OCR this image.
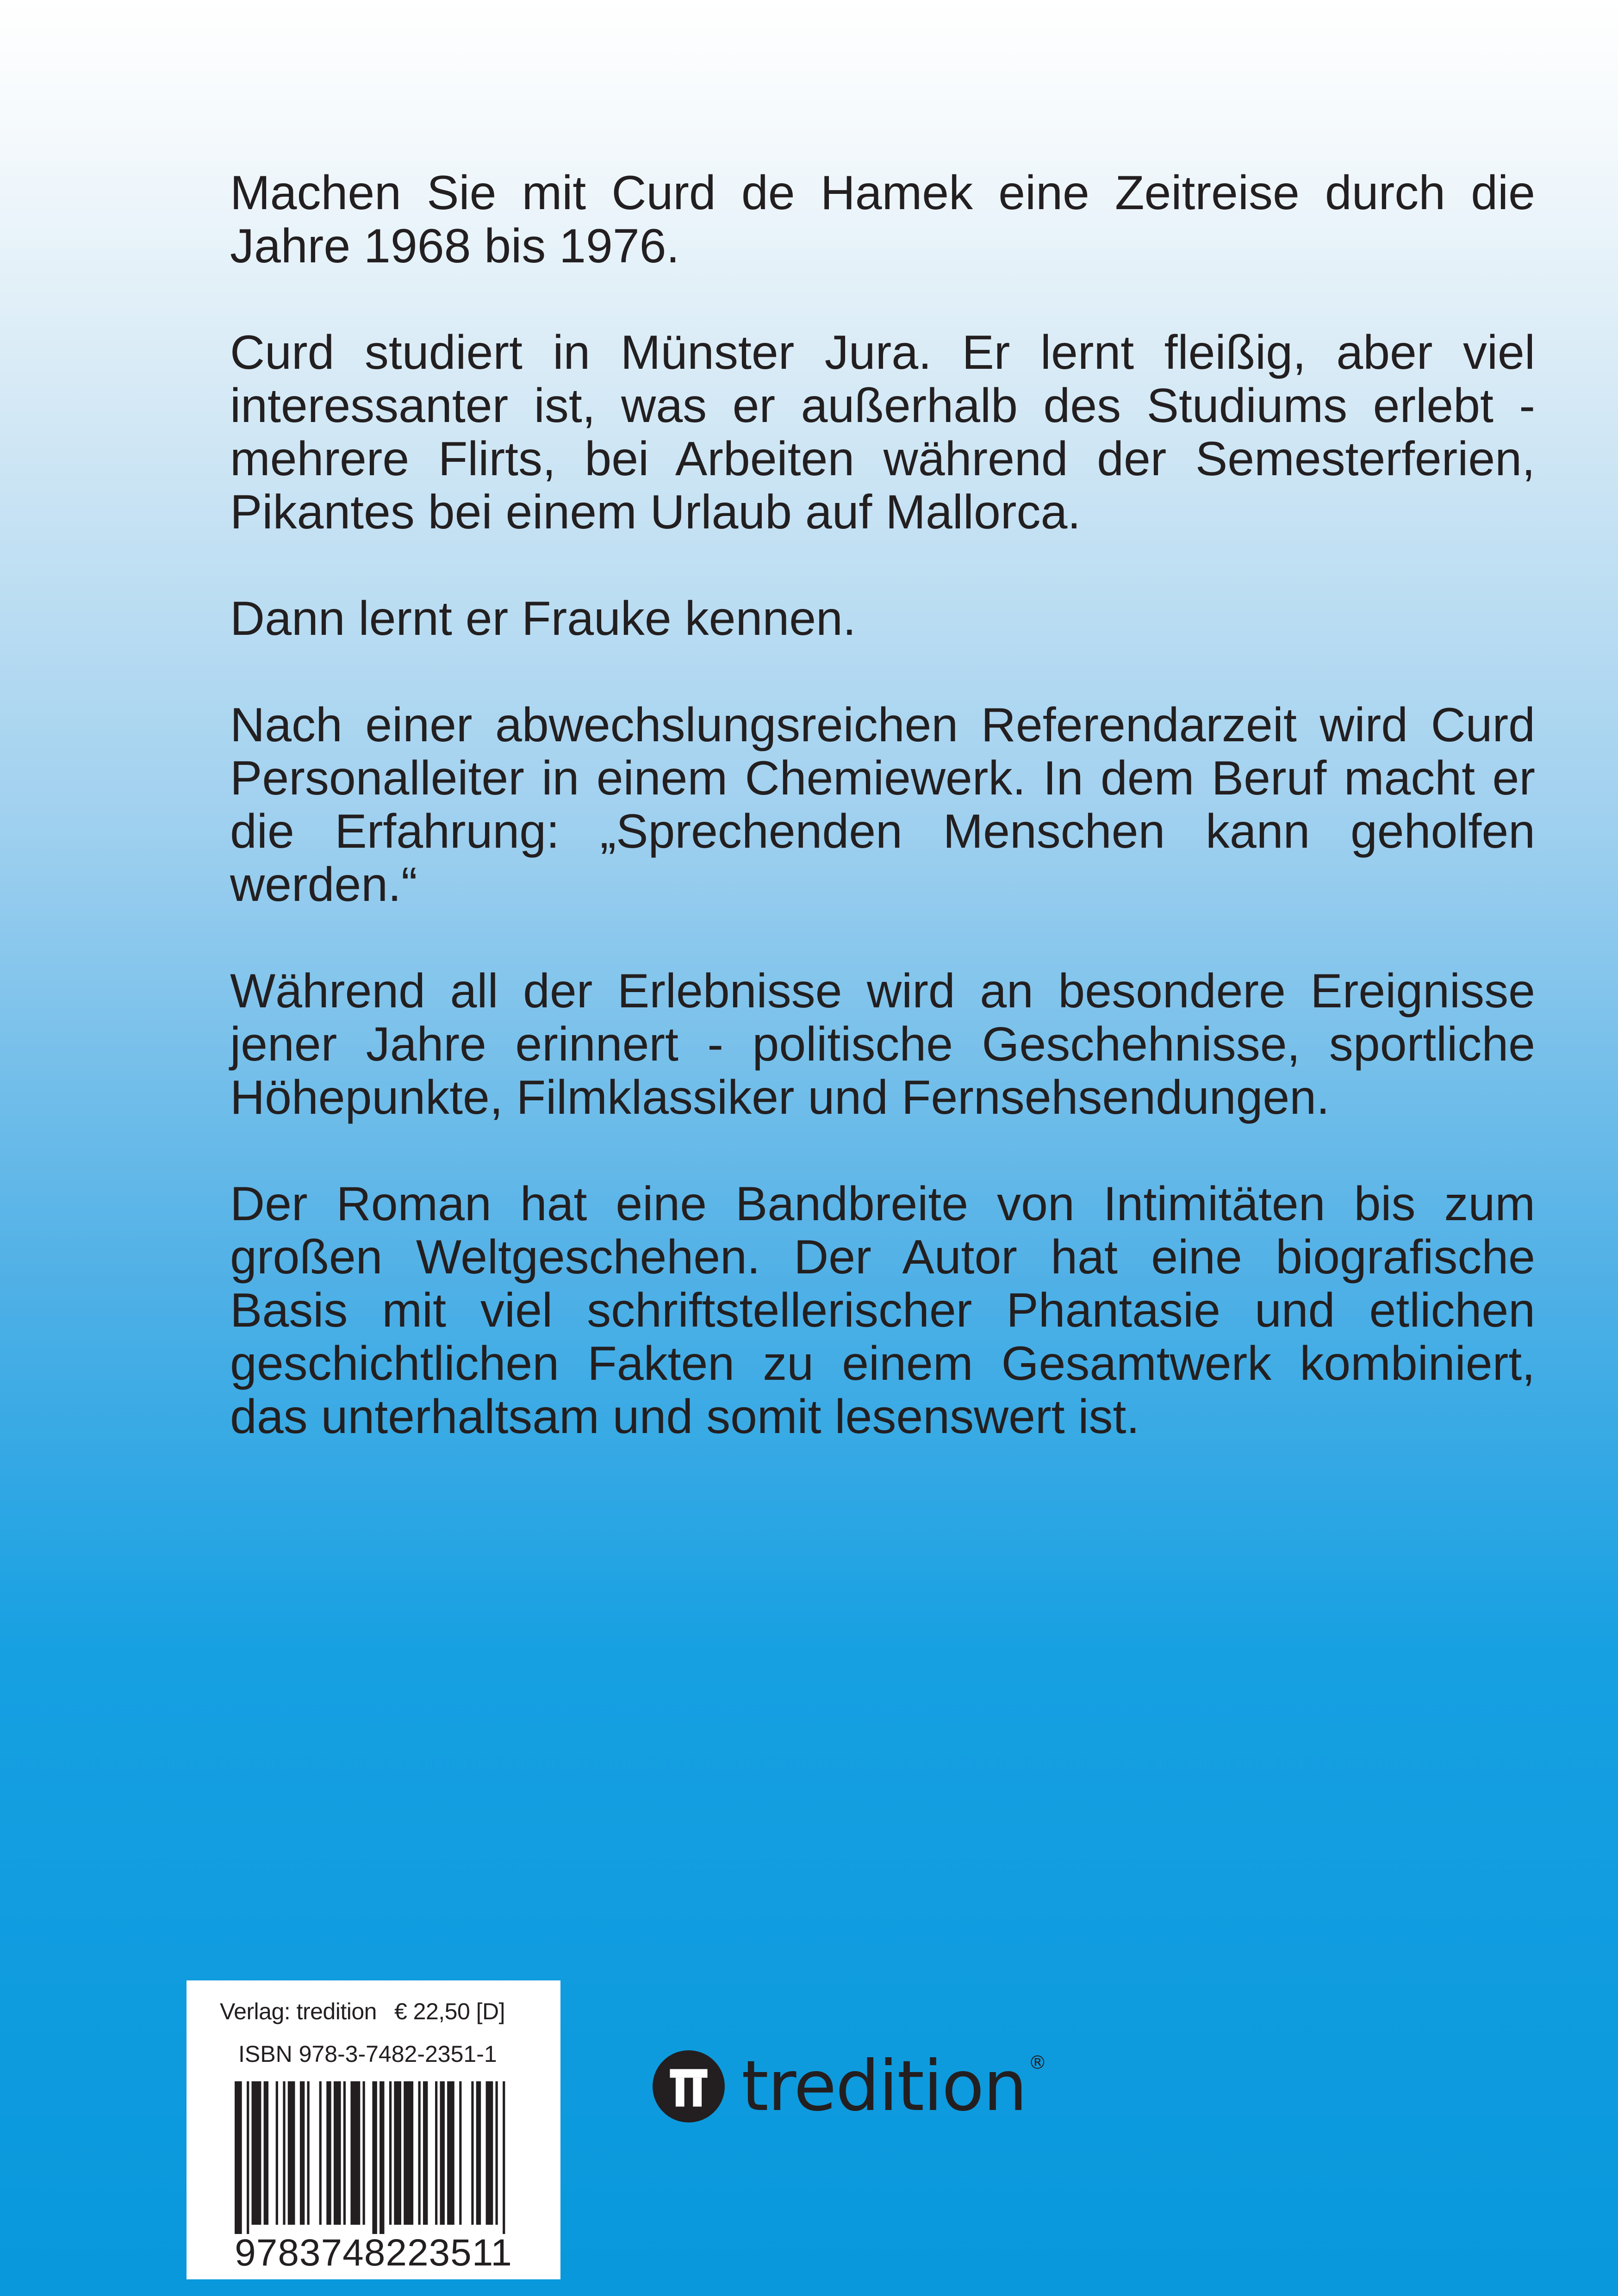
Machen Sie mit Curd de Hamek eine Zeitreise durch die Jahre 1968 bis 1976.

Curd studiert in Münster Jura. Er lernt fleißig, aber viel interessanter ist, was er außerhalb des Studiums erlebt - mehrere Flirts, bei Arbeiten während der Semesterferien, Pikantes bei einem Urlaub auf Mallorca.

Dann lernt er Frauke kennen.

Nach einer abwechslungsreichen Referendarzeit wird Curd Personalleiter in einem Chemiewerk. In dem Beruf macht er die Erfahrung: „Sprechenden Menschen kann geholfen werden.“

Während all der Erlebnisse wird an besondere Ereignisse jener Jahre erinnert - politische Geschehnisse, sportliche Höhepunkte, Filmklassiker und Fernsehsendungen.

Der Roman hat eine Bandbreite von Intimitäten bis zum großen Weltgeschehen. Der Autor hat eine biografische Basis mit viel schriftstellerischer Phantasie und etlichen geschichtlichen Fakten zu einem Gesamtwerk kombiniert, das unterhaltsam und somit lesenswert ist.

Verlag: tredition € 22,50 [D]
ISBN 978-3-7482-2351-1
9783748223511
tredition ®
